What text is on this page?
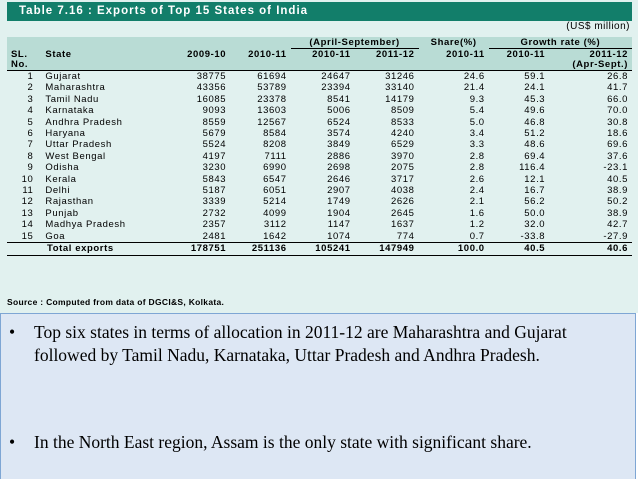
Table 7.16 : Exports of Top 15 States of India
(US$ million)
				(April-September)		Share(%)	Growth rate (%)	
SL.	State	2009-10	2010-11	2010-11	2011-12	2010-11	2010-11	2011-12
No.								(Apr-Sept.)
1	Gujarat	38775	61694	24647	31246	24.6	59.1	26.8
2	Maharashtra	43356	53789	23394	33140	21.4	24.1	41.7
3	Tamil Nadu	16085	23378	8541	14179	9.3	45.3	66.0
4	Karnataka	9093	13603	5006	8509	5.4	49.6	70.0
5	Andhra Pradesh	8559	12567	6524	8533	5.0	46.8	30.8
6	Haryana	5679	8584	3574	4240	3.4	51.2	18.6
7	Uttar Pradesh	5524	8208	3849	6529	3.3	48.6	69.6
8	West Bengal	4197	7111	2886	3970	2.8	69.4	37.6
9	Odisha	3230	6990	2698	2075	2.8	116.4	-23.1
10	Kerala	5843	6547	2646	3717	2.6	12.1	40.5
11	Delhi	5187	6051	2907	4038	2.4	16.7	38.9
12	Rajasthan	3339	5214	1749	2626	2.1	56.2	50.2
13	Punjab	2732	4099	1904	2645	1.6	50.0	38.9
14	Madhya Pradesh	2357	3112	1147	1637	1.2	32.0	42.7
15	Goa	2481	1642	1074	774	0.7	-33.8	-27.9
Total exports		178751	251136	105241	147949	100.0	40.5	40.6
Source : Computed from data of DGCI&S, Kolkata.
• Top six states in terms of allocation in 2011-12 are Maharashtra and Gujarat followed by Tamil Nadu, Karnataka, Uttar Pradesh and Andhra Pradesh.
• In the North East region, Assam is the only state with significant share.
